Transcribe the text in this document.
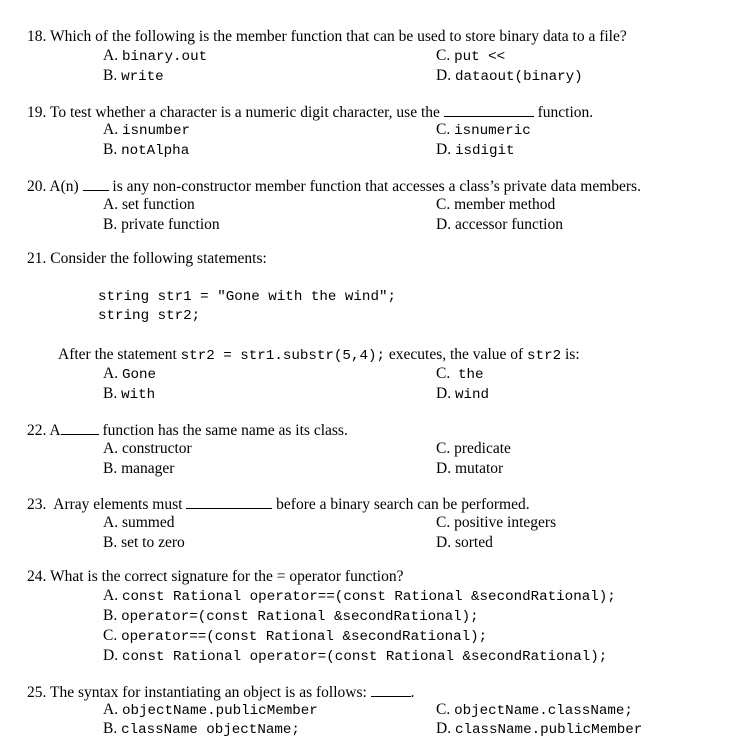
18. Which of the following is the member function that can be used to store binary data to a file?
A. binary.out
B. write
C. put <<
D. dataout(binary)
19. To test whether a character is a numeric digit character, use the	function.
A. isnumber
B. notAlpha
C. isnumeric
D. isdigit
20. A(n) is any non-constructor member function that accesses a class’s private data members.
A. set function
B. private function
C. member method
D. accessor function
21. Consider the following statements:
string str1 = "Gone with the wind";
string str2;
After the statement str2 = str1.substr(5,4); executes, the value of str2 is:
A. Gone
B. with
C. the
D. wind
22. A	function has the same name as its class.
A. constructor
B. manager
C. predicate
D. mutator
23.  Array elements must	before a binary search can be performed.
A. summed
B. set to zero
C. positive integers
D. sorted
24. What is the correct signature for the = operator function?
A. const Rational operator==(const Rational &secondRational);
B. operator=(const Rational &secondRational);
C. operator==(const Rational &secondRational);
D. const Rational operator=(const Rational &secondRational);
25. The syntax for instantiating an object is as follows:	.
A. objectName.publicMember
B. className objectName;
C. objectName.className;
D. className.publicMember
